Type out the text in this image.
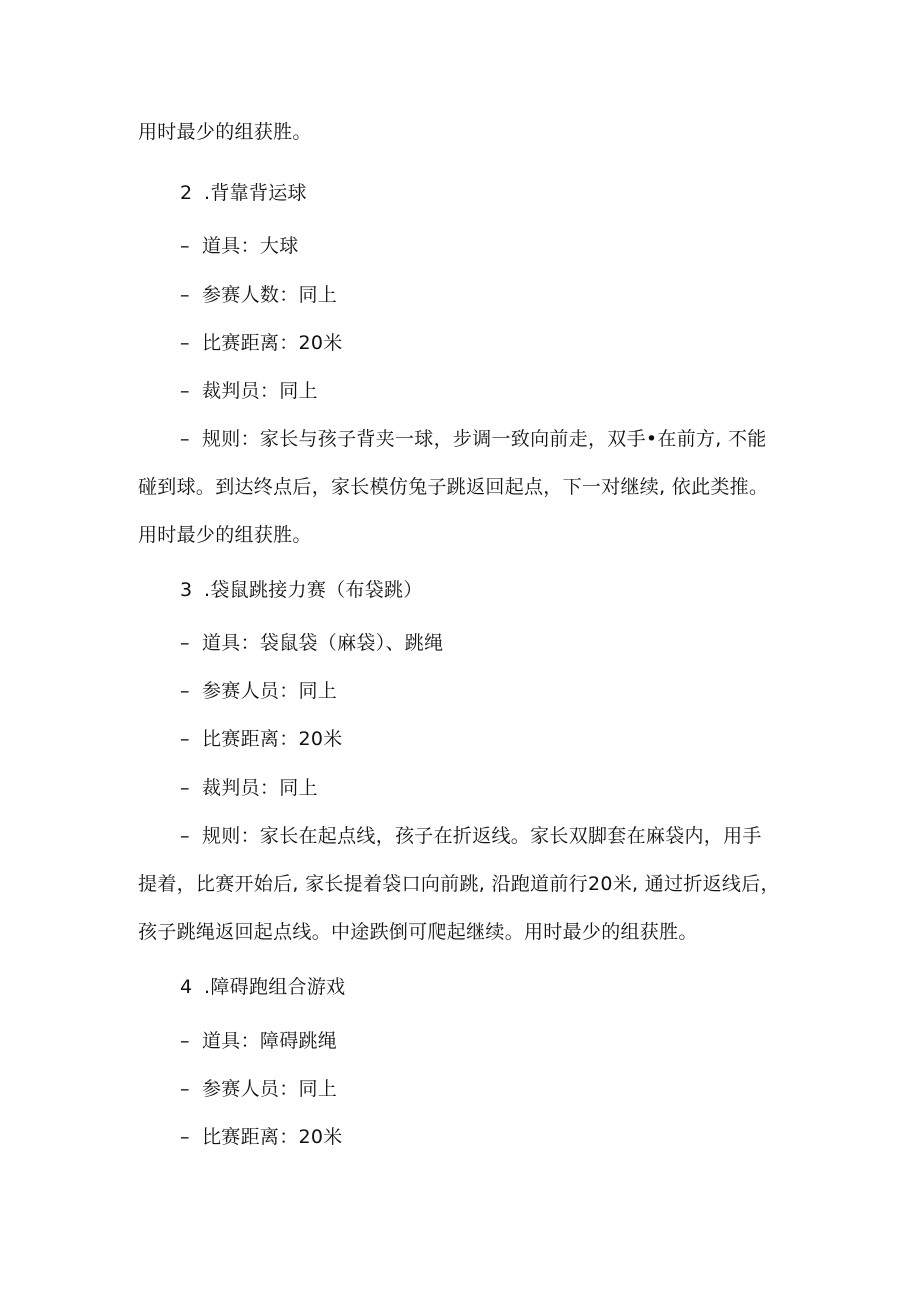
用时最少的组获胜。
2 .背靠背运球
– 道具：大球
– 参赛人数：同上
– 比赛距离：20米
– 裁判员：同上
– 规则：家长与孩子背夹一球，步调一致向前走，双手•在前方, 不能
碰到球。到达终点后，家长模仿兔子跳返回起点，下一对继续, 依此类推。
用时最少的组获胜。
3 .袋鼠跳接力赛（布袋跳）
– 道具：袋鼠袋（麻袋）、跳绳
– 参赛人员：同上
– 比赛距离：20米
– 裁判员：同上
– 规则：家长在起点线，孩子在折返线。家长双脚套在麻袋内，用手
提着，比赛开始后, 家长提着袋口向前跳, 沿跑道前行20米, 通过折返线后，
孩子跳绳返回起点线。中途跌倒可爬起继续。用时最少的组获胜。
4 .障碍跑组合游戏
– 道具：障碍跳绳
– 参赛人员：同上
– 比赛距离：20米
